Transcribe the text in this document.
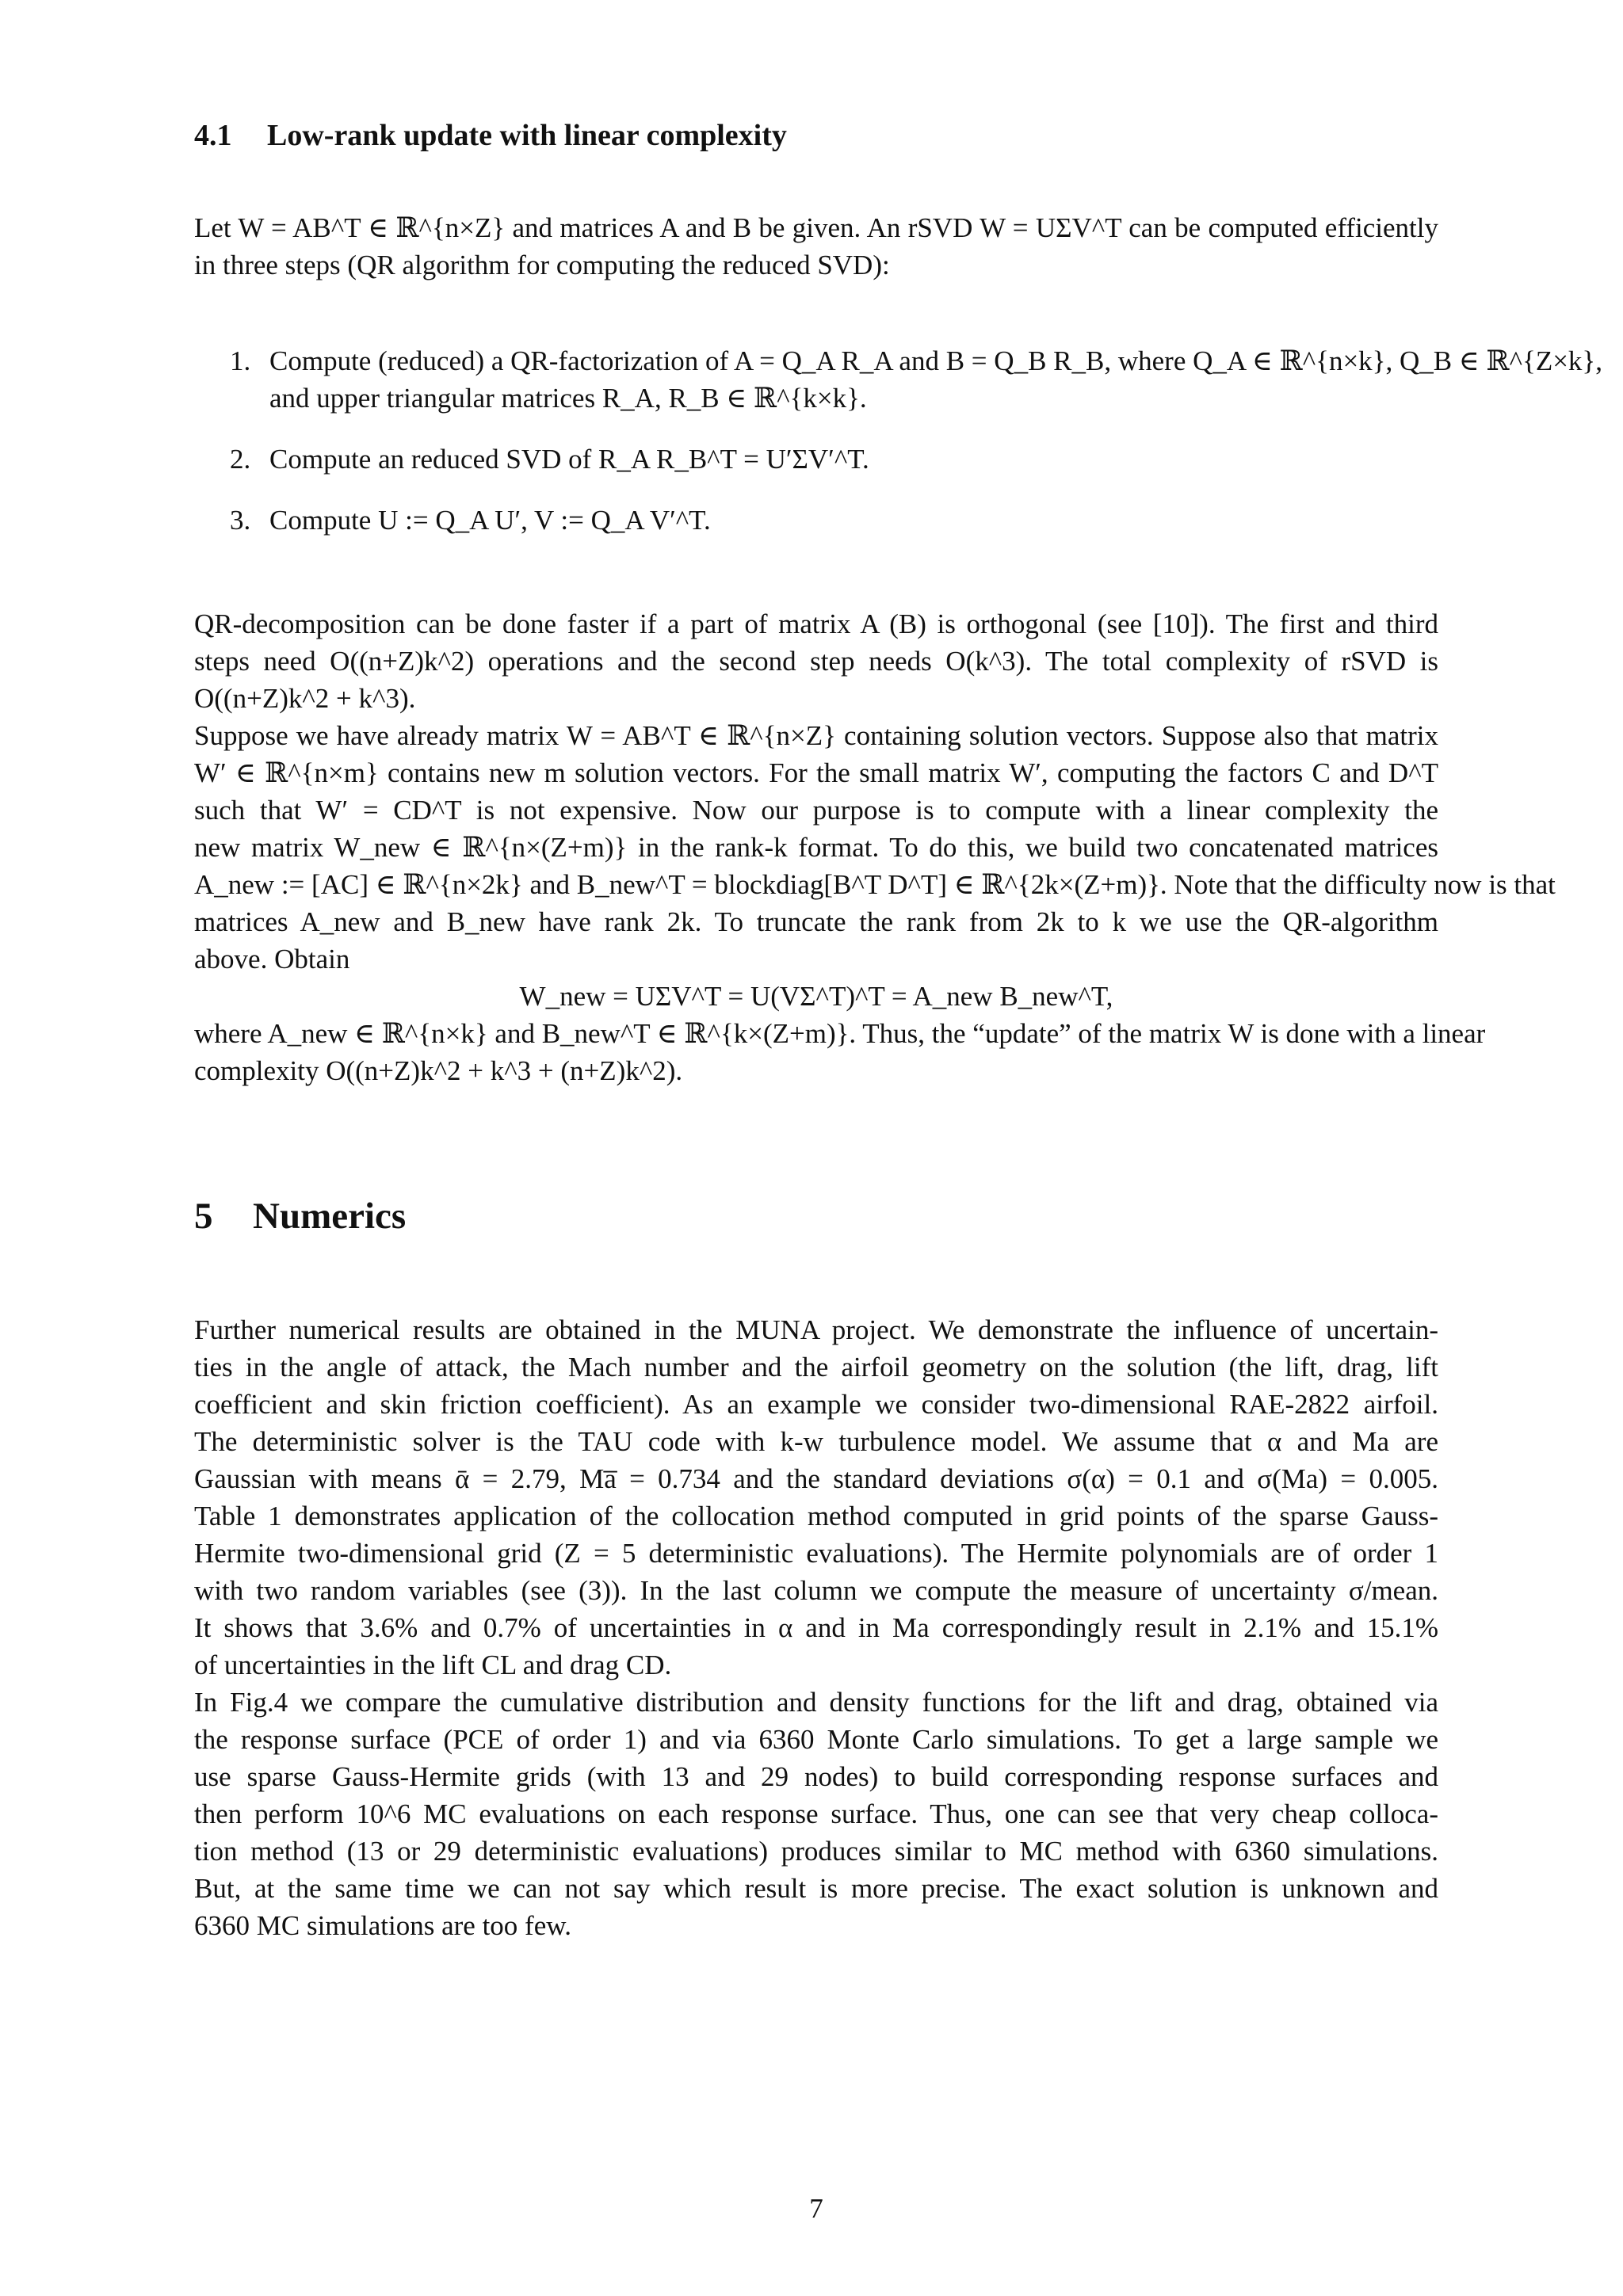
4.1 Low-rank update with linear complexity
Let W = AB^T ∈ ℝ^{n×Z} and matrices A and B be given. An rSVD W = UΣV^T can be computed efficiently
in three steps (QR algorithm for computing the reduced SVD):
1. Compute (reduced) a QR-factorization of A = Q_A R_A and B = Q_B R_B, where Q_A ∈ ℝ^{n×k}, Q_B ∈ ℝ^{Z×k},
and upper triangular matrices R_A, R_B ∈ ℝ^{k×k}.
2. Compute an reduced SVD of R_A R_B^T = U′ΣV′^T.
3. Compute U := Q_A U′, V := Q_A V′^T.
QR-decomposition can be done faster if a part of matrix A (B) is orthogonal (see [10]). The first and third
steps need O((n+Z)k^2) operations and the second step needs O(k^3). The total complexity of rSVD is
O((n+Z)k^2 + k^3).
Suppose we have already matrix W = AB^T ∈ ℝ^{n×Z} containing solution vectors. Suppose also that matrix
W′ ∈ ℝ^{n×m} contains new m solution vectors. For the small matrix W′, computing the factors C and D^T
such that W′ = CD^T is not expensive. Now our purpose is to compute with a linear complexity the
new matrix W_new ∈ ℝ^{n×(Z+m)} in the rank-k format. To do this, we build two concatenated matrices
A_new := [AC] ∈ ℝ^{n×2k} and B_new^T = blockdiag[B^T D^T] ∈ ℝ^{2k×(Z+m)}. Note that the difficulty now is that
matrices A_new and B_new have rank 2k. To truncate the rank from 2k to k we use the QR-algorithm
above. Obtain
W_new = UΣV^T = U(VΣ^T)^T = A_new B_new^T,
where A_new ∈ ℝ^{n×k} and B_new^T ∈ ℝ^{k×(Z+m)}. Thus, the “update” of the matrix W is done with a linear
complexity O((n+Z)k^2 + k^3 + (n+Z)k^2).
5 Numerics
Further numerical results are obtained in the MUNA project. We demonstrate the influence of uncertain-
ties in the angle of attack, the Mach number and the airfoil geometry on the solution (the lift, drag, lift
coefficient and skin friction coefficient). As an example we consider two-dimensional RAE-2822 airfoil.
The deterministic solver is the TAU code with k-w turbulence model. We assume that α and Ma are
Gaussian with means ᾱ = 2.79, Ma̅ = 0.734 and the standard deviations σ(α) = 0.1 and σ(Ma) = 0.005.
Table 1 demonstrates application of the collocation method computed in grid points of the sparse Gauss-
Hermite two-dimensional grid (Z = 5 deterministic evaluations). The Hermite polynomials are of order 1
with two random variables (see (3)). In the last column we compute the measure of uncertainty σ/mean.
It shows that 3.6% and 0.7% of uncertainties in α and in Ma correspondingly result in 2.1% and 15.1%
of uncertainties in the lift CL and drag CD.
In Fig.4 we compare the cumulative distribution and density functions for the lift and drag, obtained via
the response surface (PCE of order 1) and via 6360 Monte Carlo simulations. To get a large sample we
use sparse Gauss-Hermite grids (with 13 and 29 nodes) to build corresponding response surfaces and
then perform 10^6 MC evaluations on each response surface. Thus, one can see that very cheap colloca-
tion method (13 or 29 deterministic evaluations) produces similar to MC method with 6360 simulations.
But, at the same time we can not say which result is more precise. The exact solution is unknown and
6360 MC simulations are too few.
7
